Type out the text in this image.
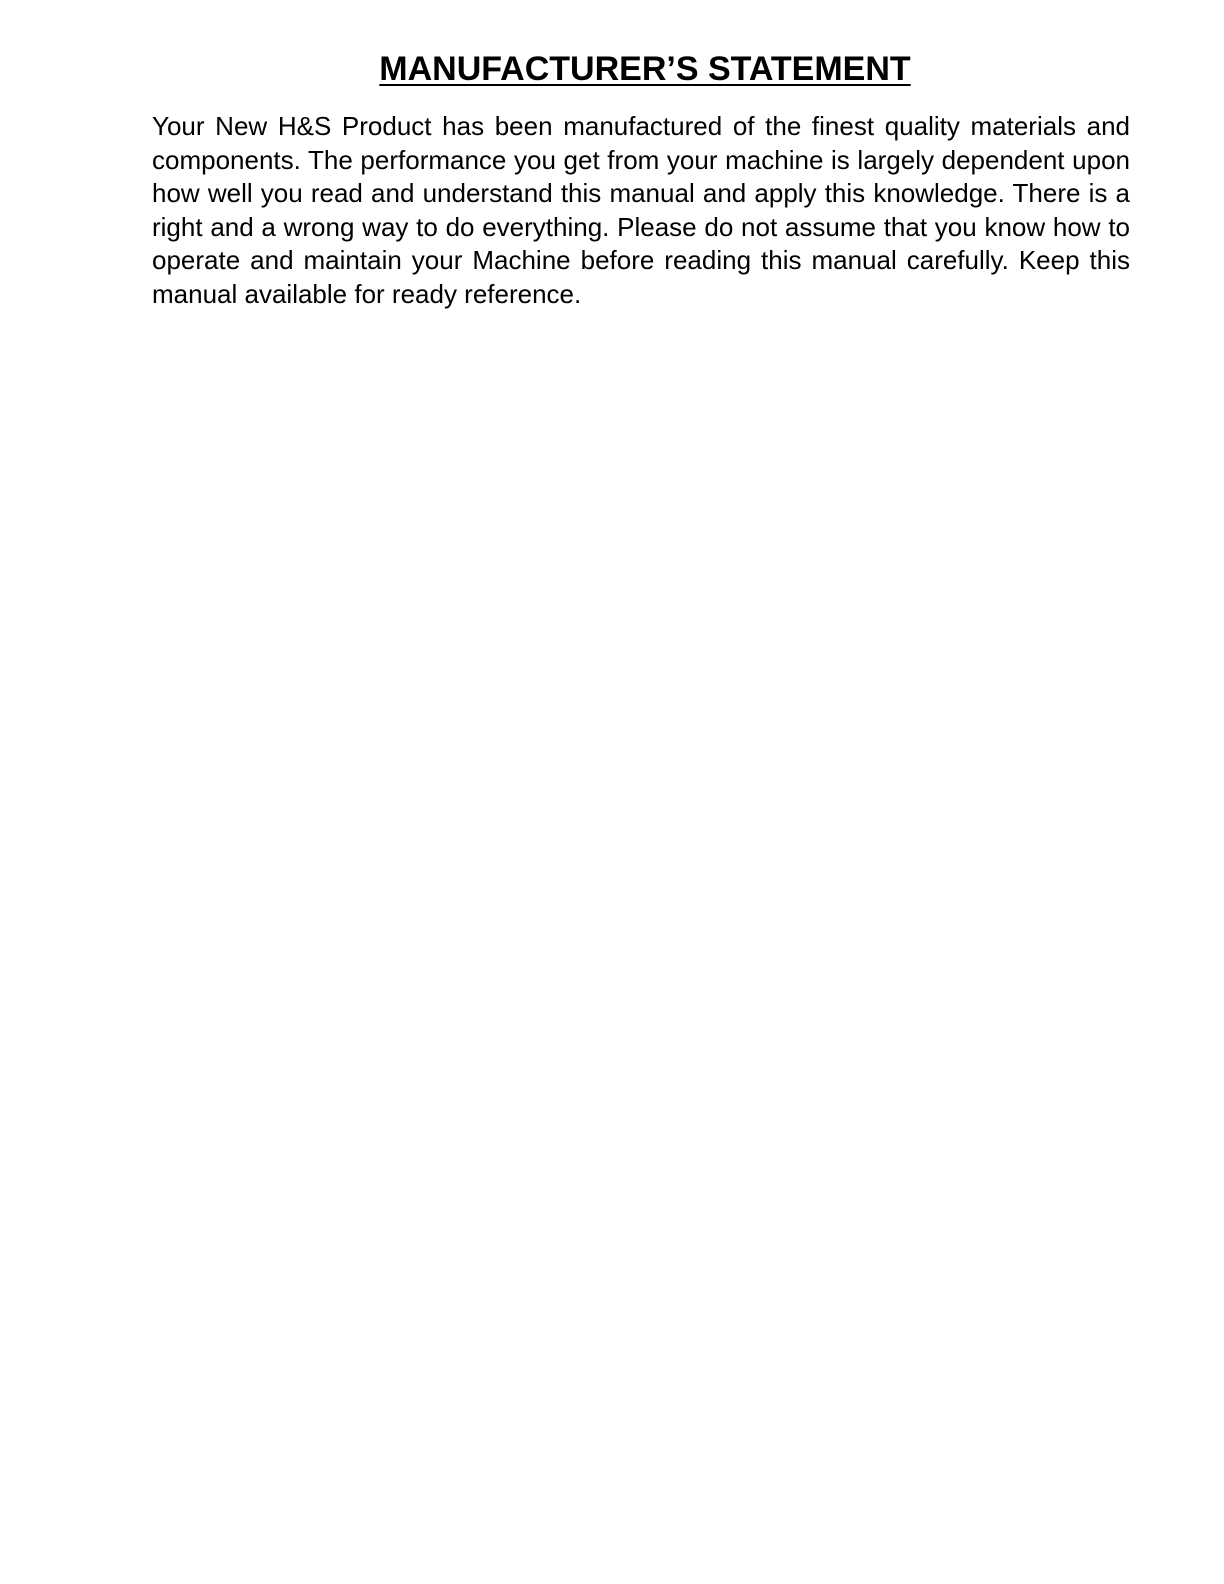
MANUFACTURER’S STATEMENT

Your New H&S Product has been manufactured of the finest quality materials and components. The performance you get from your machine is largely dependent upon how well you read and understand this manual and apply this knowledge. There is a right and a wrong way to do everything. Please do not assume that you know how to operate and maintain your Machine before reading this manual carefully. Keep this manual available for ready reference.
